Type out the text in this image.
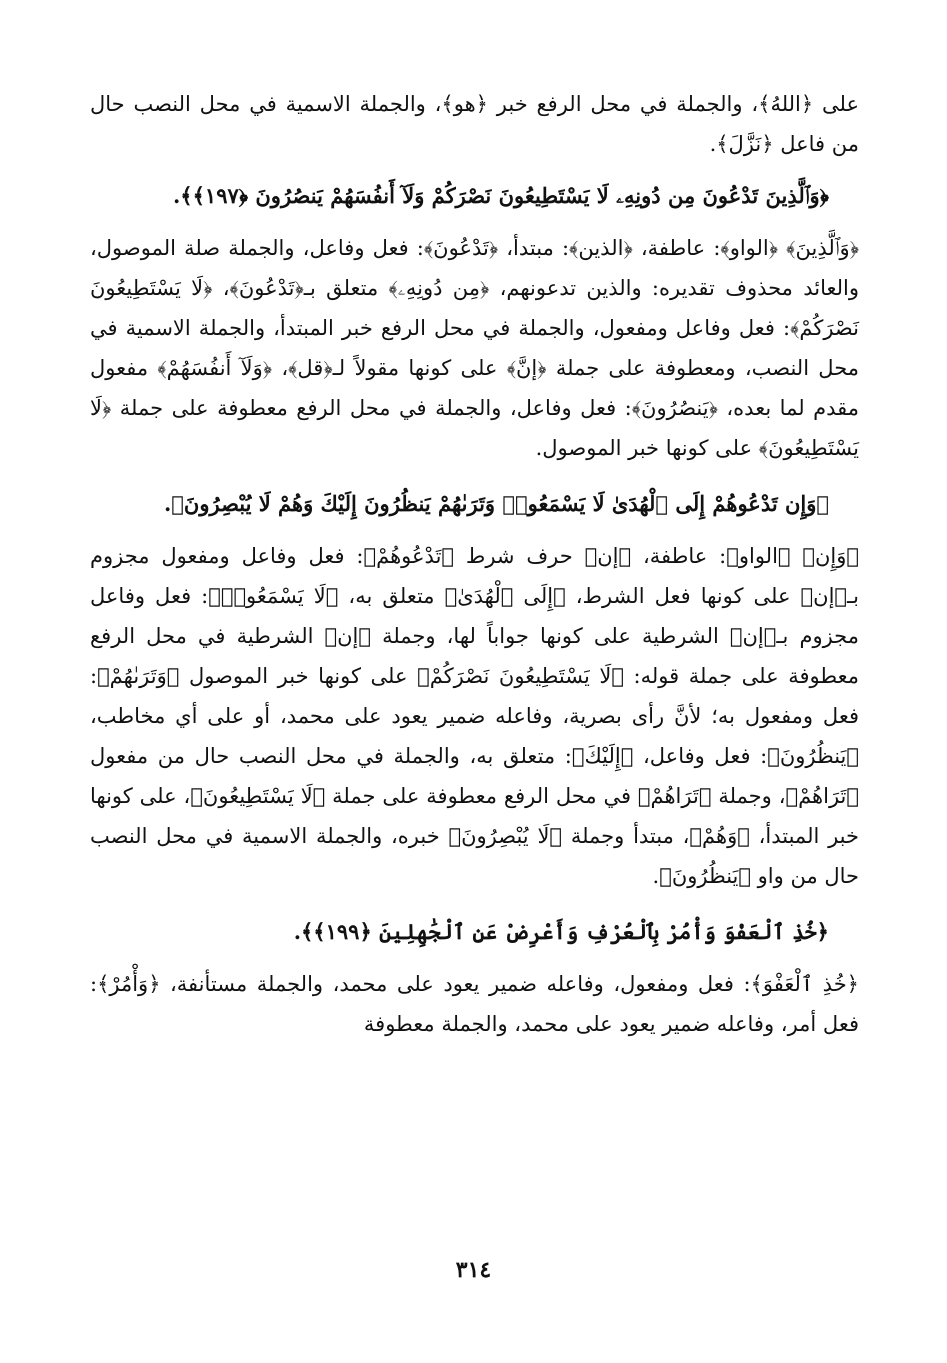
على ﴿اللهُ﴾، والجملة في محل الرفع خبر ﴿هو﴾، والجملة الاسمية في محل النصب حال من فاعل ﴿نَزَّلَ﴾.

﴿وَٱلَّذِينَ تَدْعُونَ مِن دُونِهِۦ لَا يَسْتَطِيعُونَ نَصْرَكُمْ وَلَآ أَنفُسَهُمْ يَنصُرُونَ ﴿١٩٧﴾﴾.

﴿وَٱلَّذِينَ﴾ ﴿الواو﴾: عاطفة، ﴿الذين﴾: مبتدأ، ﴿تَدْعُونَ﴾: فعل وفاعل، والجملة صلة الموصول، والعائد محذوف تقديره: والذين تدعونهم، ﴿مِن دُونِهِۦ﴾ متعلق بـ﴿تَدْعُونَ﴾، ﴿لَا يَسْتَطِيعُونَ نَصْرَكُمْ﴾: فعل وفاعل ومفعول، والجملة في محل الرفع خبر المبتدأ، والجملة الاسمية في محل النصب، ومعطوفة على جملة ﴿إنَّ﴾ على كونها مقولاً لـ﴿قل﴾، ﴿وَلَآ أَنفُسَهُمْ﴾ مفعول مقدم لما بعده، ﴿يَنصُرُونَ﴾: فعل وفاعل، والجملة في محل الرفع معطوفة على جملة ﴿لَا يَسْتَطِيعُونَ﴾ على كونها خبر الموصول.

﴿وَإِن تَدْعُوهُمْ إِلَى ٱلْهُدَىٰ لَا يَسْمَعُوا۟ وَتَرَىٰهُمْ يَنظُرُونَ إِلَيْكَ وَهُمْ لَا يُبْصِرُونَ﴾.

﴿وَإِن﴾ ﴿الواو﴾: عاطفة، ﴿إن﴾ حرف شرط ﴿تَدْعُوهُمْ﴾: فعل وفاعل ومفعول مجزوم بـ﴿إن﴾ على كونها فعل الشرط، ﴿إِلَى ٱلْهُدَىٰ﴾ متعلق به، ﴿لَا يَسْمَعُوا۟﴾: فعل وفاعل مجزوم بـ﴿إن﴾ الشرطية على كونها جواباً لها، وجملة ﴿إن﴾ الشرطية في محل الرفع معطوفة على جملة قوله: ﴿لَا يَسْتَطِيعُونَ نَصْرَكُمْ﴾ على كونها خبر الموصول ﴿وَتَرَىٰهُمْ﴾: فعل ومفعول به؛ لأنَّ رأى بصرية، وفاعله ضمير يعود على محمد، أو على أي مخاطب، ﴿يَنظُرُونَ﴾: فعل وفاعل، ﴿إِلَيْكَ﴾: متعلق به، والجملة في محل النصب حال من مفعول ﴿تَرَاهُمْ﴾، وجملة ﴿تَرَاهُمْ﴾ في محل الرفع معطوفة على جملة ﴿لَا يَسْتَطِيعُونَ﴾، على كونها خبر المبتدأ، ﴿وَهُمْ﴾، مبتدأ وجملة ﴿لَا يُبْصِرُونَ﴾ خبره، والجملة الاسمية في محل النصب حال من واو ﴿يَنظُرُونَ﴾.

﴿خُذِ ٱلْعَفْوَ وَأْمُرْ بِٱلْعُرْفِ وَأَعْرِضْ عَنِ ٱلْجَٰهِلِينَ ﴿١٩٩﴾﴾.

﴿خُذِ ٱلْعَفْوَ﴾: فعل ومفعول، وفاعله ضمير يعود على محمد، والجملة مستأنفة، ﴿وَأْمُرْ﴾: فعل أمر، وفاعله ضمير يعود على محمد، والجملة معطوفة

٣١٤
